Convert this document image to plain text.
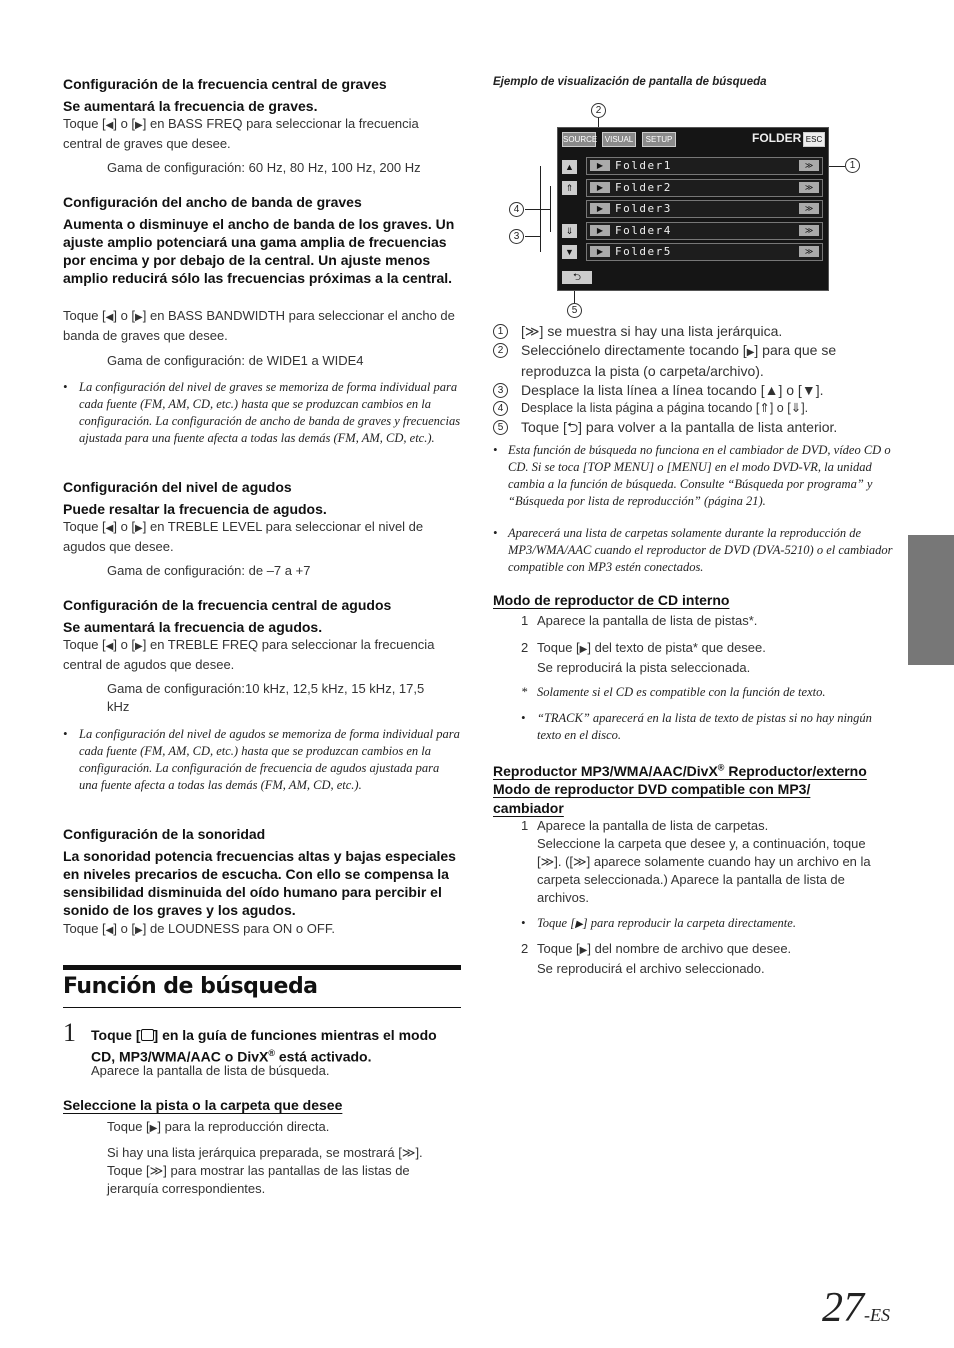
Configuración de la frecuencia central de graves
Se aumentará la frecuencia de graves.
Toque [ ◀ ] o [ ▶ ] en BASS FREQ para seleccionar la frecuencia central de graves que desee.
Gama de configuración: 60 Hz, 80 Hz, 100 Hz, 200 Hz
Configuración del ancho de banda de graves
Aumenta o disminuye el ancho de banda de los graves. Un ajuste amplio potenciará una gama amplia de frecuencias por encima y por debajo de la central. Un ajuste menos amplio reducirá sólo las frecuencias próximas a la central.
Toque [ ◀ ] o [ ▶ ] en BASS BANDWIDTH para seleccionar el ancho de banda de graves que desee.
Gama de configuración: de WIDE1 a WIDE4
• La configuración del nivel de graves se memoriza de forma individual para cada fuente (FM, AM, CD, etc.) hasta que se produzcan cambios en la configuración. La configuración de ancho de banda de graves y frecuencias ajustada para una fuente afecta a todas las demás (FM, AM, CD, etc.).
Configuración del nivel de agudos
Puede resaltar la frecuencia de agudos.
Toque [ ◀ ] o [ ▶ ] en TREBLE LEVEL para seleccionar el nivel de agudos que desee.
Gama de configuración: de –7 a +7
Configuración de la frecuencia central de agudos
Se aumentará la frecuencia de agudos.
Toque [ ◀ ] o [ ▶ ] en TREBLE FREQ para seleccionar la frecuencia central de agudos que desee.
Gama de configuración:10 kHz, 12,5 kHz, 15 kHz, 17,5 kHz
• La configuración del nivel de agudos se memoriza de forma individual para cada fuente (FM, AM, CD, etc.) hasta que se produzcan cambios en la configuración. La configuración de frecuencia de agudos ajustada para una fuente afecta a todas las demás (FM, AM, CD, etc.).
Configuración de la sonoridad
La sonoridad potencia frecuencias altas y bajas especiales en niveles precarios de escucha. Con ello se compensa la sensibilidad disminuida del oído humano para percibir el sonido de los graves y los agudos.
Toque [ ◀ ] o [ ▶ ] de LOUDNESS para ON o OFF.
Función de búsqueda
1 Toque [ ] en la guía de funciones mientras el modo CD, MP3/WMA/AAC o DivX® está activado.
Aparece la pantalla de lista de búsqueda.
Seleccione la pista o la carpeta que desee
Toque [ ▶ ] para la reproducción directa.
Si hay una lista jerárquica preparada, se mostrará [≫]. Toque [≫] para mostrar las pantallas de las listas de jerarquía correspondientes.
Ejemplo de visualización de pantalla de búsqueda
2
1
4
3
5
SOURCE VISUAL	SETUP	FOLDER ESC
▲
⇑
⇓
▼
▶	Folder1	≫
▶	Folder2	≫
▶	Folder3	≫
▶	Folder4	≫
▶	Folder5	≫
⮌
1	[≫] se muestra si hay una lista jerárquica.
2	Selecciónelo directamente tocando [ ▶ ] para que se reproduzca la pista (o carpeta/archivo).
3	Desplace la lista línea a línea tocando [▲] o [▼].
4	Desplace la lista página a página tocando [⇑] o [⇓].
5	Toque [⮌] para volver a la pantalla de lista anterior.
• Esta función de búsqueda no funciona en el cambiador de DVD, vídeo CD o CD. Si se toca [TOP MENU] o [MENU] en el modo DVD-VR, la unidad cambia a la función de búsqueda. Consulte “Búsqueda por programa” y “Búsqueda por lista de reproducción” (página 21).
• Aparecerá una lista de carpetas solamente durante la reproducción de MP3/WMA/AAC cuando el reproductor de DVD (DVA-5210) o el cambiador compatible con MP3 estén conectados.
Modo de reproductor de CD interno
1 Aparece la pantalla de lista de pistas*.
2 Toque [ ▶ ] del texto de pista* que desee.
Se reproducirá la pista seleccionada.
* Solamente si el CD es compatible con la función de texto.
• “TRACK” aparecerá en la lista de texto de pistas si no hay ningún texto en el disco.
Reproductor MP3/WMA/AAC/DivX® Reproductor/externo
Modo de reproductor DVD compatible con MP3/
cambiador
1 Aparece la pantalla de lista de carpetas.
Seleccione la carpeta que desee y, a continuación, toque [≫]. ([≫] aparece solamente cuando hay un archivo en la carpeta seleccionada.) Aparece la pantalla de lista de archivos.
• Toque [ ▶ ] para reproducir la carpeta directamente.
2 Toque [ ▶ ] del nombre de archivo que desee.
Se reproducirá el archivo seleccionado.
27-ES
